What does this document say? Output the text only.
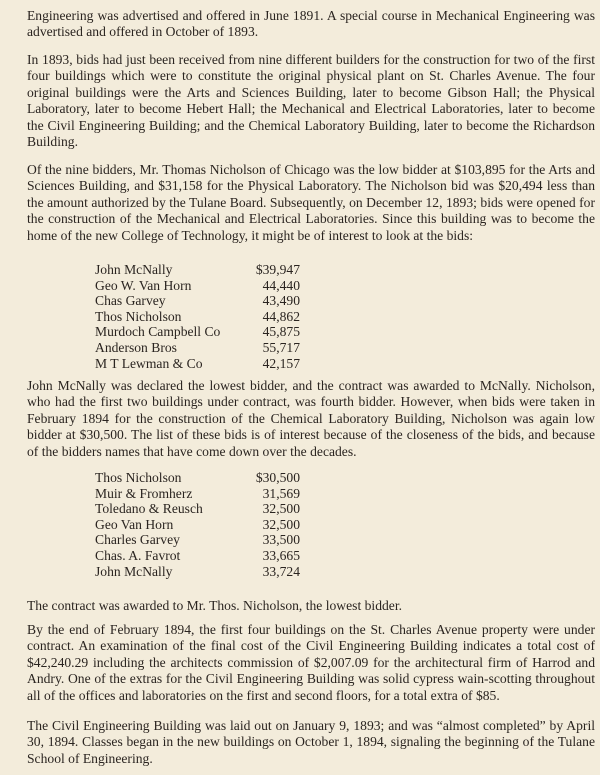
Engineering was advertised and offered in June 1891. A special course in Mechanical Engineering was advertised and offered in October of 1893.

In 1893, bids had just been received from nine different builders for the construction for two of the first four buildings which were to constitute the original physical plant on St. Charles Avenue. The four original buildings were the Arts and Sciences Building, later to become Gibson Hall; the Physical Laboratory, later to become Hebert Hall; the Mechanical and Electrical Laboratories, later to become the Civil Engineering Building; and the Chemical Laboratory Building, later to become the Richardson Building.

Of the nine bidders, Mr. Thomas Nicholson of Chicago was the low bidder at $103,895 for the Arts and Sciences Building, and $31,158 for the Physical Laboratory. The Nicholson bid was $20,494 less than the amount authorized by the Tulane Board. Subsequently, on December 12, 1893; bids were opened for the construction of the Mechanical and Electrical Laboratories. Since this building was to become the home of the new College of Technology, it might be of interest to look at the bids:

John McNally	$39,947
Geo W. Van Horn	44,440
Chas Garvey	43,490
Thos Nicholson	44,862
Murdoch Campbell Co	45,875
Anderson Bros	55,717
M T Lewman & Co	42,157

John McNally was declared the lowest bidder, and the contract was awarded to McNally. Nicholson, who had the first two buildings under contract, was fourth bidder. However, when bids were taken in February 1894 for the construction of the Chemical Laboratory Building, Nicholson was again low bidder at $30,500. The list of these bids is of interest because of the closeness of the bids, and because of the bidders names that have come down over the decades.

Thos Nicholson	$30,500
Muir & Fromherz	31,569
Toledano & Reusch	32,500
Geo Van Horn	32,500
Charles Garvey	33,500
Chas. A. Favrot	33,665
John McNally	33,724

The contract was awarded to Mr. Thos. Nicholson, the lowest bidder.

By the end of February 1894, the first four buildings on the St. Charles Avenue property were under contract. An examination of the final cost of the Civil Engineering Building indicates a total cost of $42,240.29 including the architects commission of $2,007.09 for the architectural firm of Harrod and Andry. One of the extras for the Civil Engineering Building was solid cypress wain-scotting throughout all of the offices and laboratories on the first and second floors, for a total extra of $85.

The Civil Engineering Building was laid out on January 9, 1893; and was “almost completed” by April 30, 1894. Classes began in the new buildings on October 1, 1894, signaling the beginning of the Tulane School of Engineering.
